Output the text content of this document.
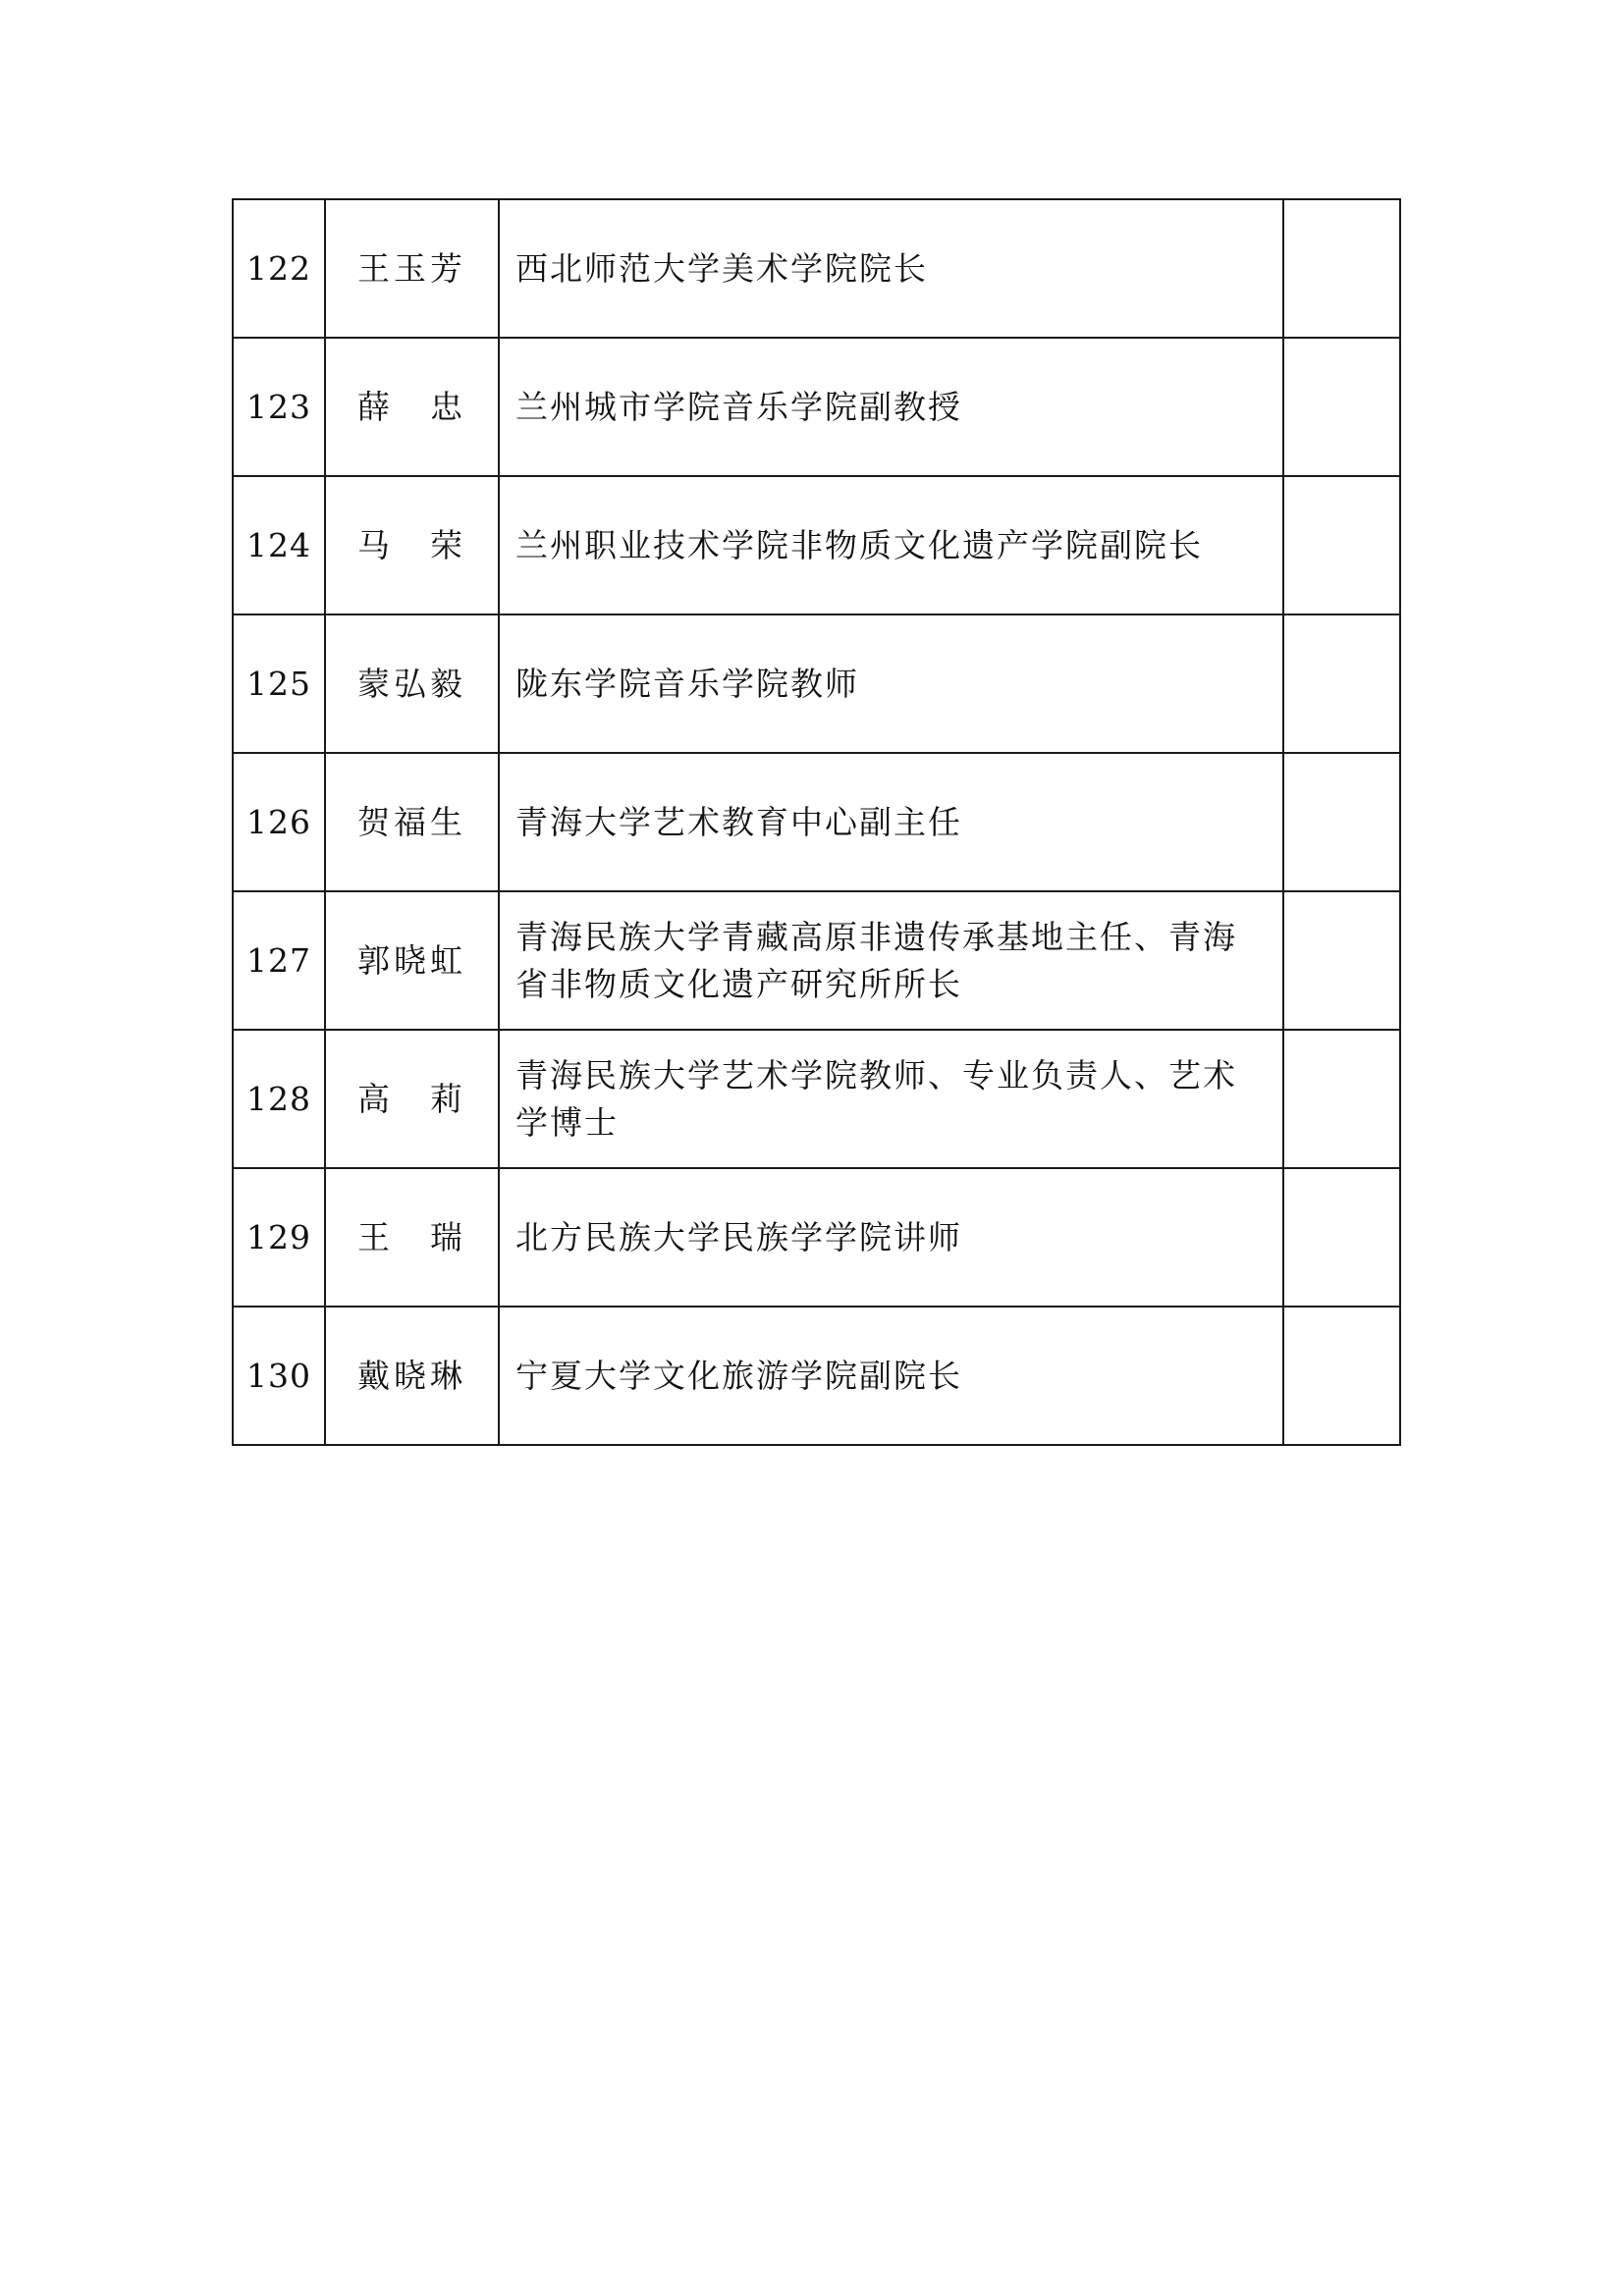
122	王玉芳	西北师范大学美术学院院长	

123	薛　忠	兰州城市学院音乐学院副教授	

124	马　荣	兰州职业技术学院非物质文化遗产学院副院长	

125	蒙弘毅	陇东学院音乐学院教师	

126	贺福生	青海大学艺术教育中心副主任	

127	郭晓虹	青海民族大学青藏高原非遗传承基地主任、青海省非物质文化遗产研究所所长	

128	高　莉	青海民族大学艺术学院教师、专业负责人、艺术学博士	

129	王　瑞	北方民族大学民族学学院讲师	

130	戴晓琳	宁夏大学文化旅游学院副院长	
